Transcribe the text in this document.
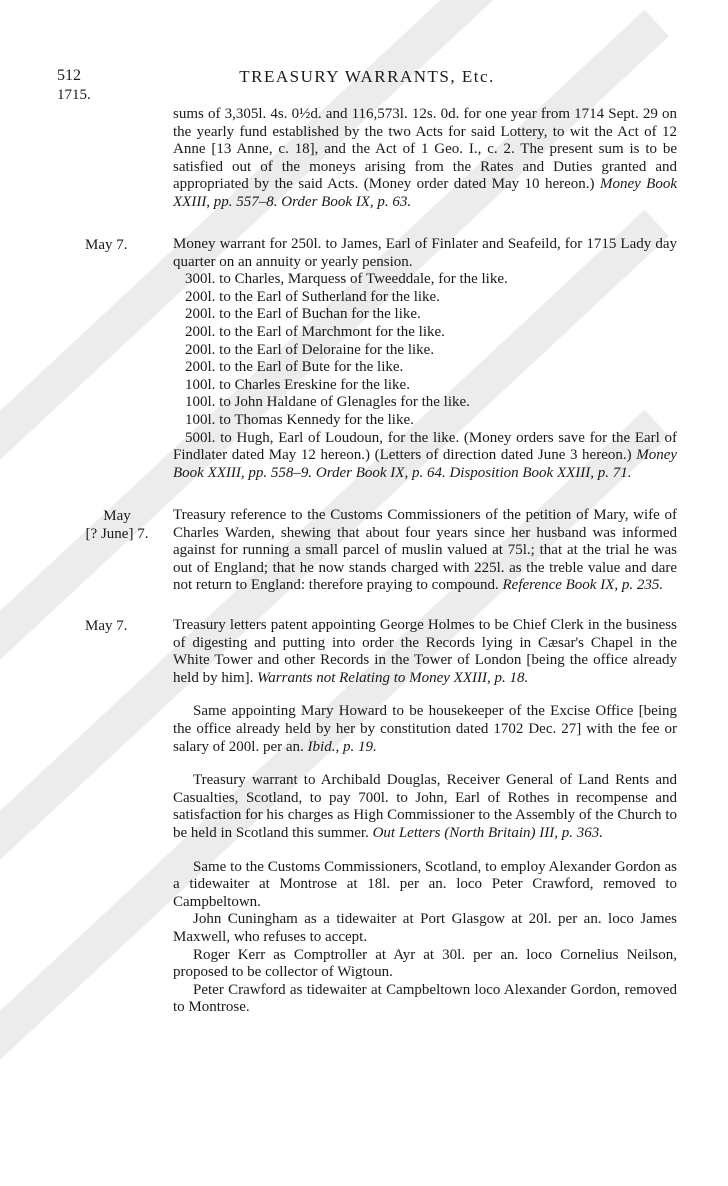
512	TREASURY WARRANTS, Etc.
1715.

sums of 3,305l. 4s. 0½d. and 116,573l. 12s. 0d. for one year from 1714 Sept. 29 on the yearly fund established by the two Acts for said Lottery, to wit the Act of 12 Anne [13 Anne, c. 18], and the Act of 1 Geo. I., c. 2. The present sum is to be satisfied out of the moneys arising from the Rates and Duties granted and appropriated by the said Acts. (Money order dated May 10 hereon.) Money Book XXIII, pp. 557–8. Order Book IX, p. 63.

May 7.	Money warrant for 250l. to James, Earl of Finlater and Seafeild, for 1715 Lady day quarter on an annuity or yearly pension.

300l. to Charles, Marquess of Tweeddale, for the like.

200l. to the Earl of Sutherland for the like.

200l. to the Earl of Buchan for the like.

200l. to the Earl of Marchmont for the like.

200l. to the Earl of Deloraine for the like.

200l. to the Earl of Bute for the like.

100l. to Charles Ereskine for the like.

100l. to John Haldane of Glenagles for the like.

100l. to Thomas Kennedy for the like.

500l. to Hugh, Earl of Loudoun, for the like. (Money orders save for the Earl of Findlater dated May 12 hereon.) (Letters of direction dated June 3 hereon.) Money Book XXIII, pp. 558–9. Order Book IX, p. 64. Disposition Book XXIII, p. 71.

May
[? June] 7.

Treasury reference to the Customs Commissioners of the petition of Mary, wife of Charles Warden, shewing that about four years since her husband was informed against for running a small parcel of muslin valued at 75l.; that at the trial he was out of England; that he now stands charged with 225l. as the treble value and dare not return to England: therefore praying to compound. Reference Book IX, p. 235.

May 7.	Treasury letters patent appointing George Holmes to be Chief Clerk in the business of digesting and putting into order the Records lying in Cæsar's Chapel in the White Tower and other Records in the Tower of London [being the office already held by him]. Warrants not Relating to Money XXIII, p. 18.

Same appointing Mary Howard to be housekeeper of the Excise Office [being the office already held by her by constitution dated 1702 Dec. 27] with the fee or salary of 200l. per an. Ibid., p. 19.

Treasury warrant to Archibald Douglas, Receiver General of Land Rents and Casualties, Scotland, to pay 700l. to John, Earl of Rothes in recompense and satisfaction for his charges as High Commissioner to the Assembly of the Church to be held in Scotland this summer. Out Letters (North Britain) III, p. 363.

Same to the Customs Commissioners, Scotland, to employ Alexander Gordon as a tidewaiter at Montrose at 18l. per an. loco Peter Crawford, removed to Campbeltown.

John Cuningham as a tidewaiter at Port Glasgow at 20l. per an. loco James Maxwell, who refuses to accept.

Roger Kerr as Comptroller at Ayr at 30l. per an. loco Cornelius Neilson, proposed to be collector of Wigtoun.

Peter Crawford as tidewaiter at Campbeltown loco Alexander Gordon, removed to Montrose.
